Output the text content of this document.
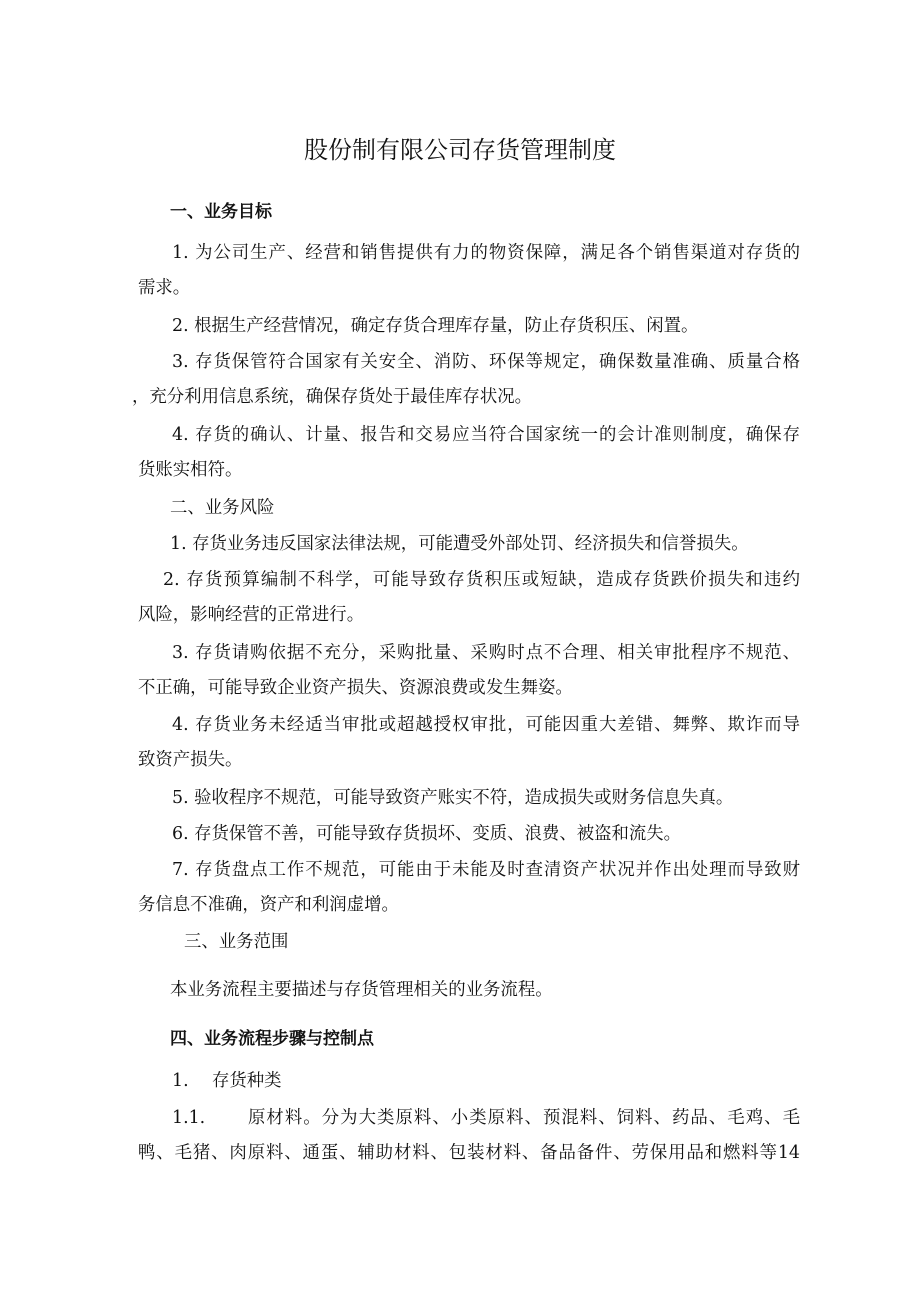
股份制有限公司存货管理制度
一、业务目标
1. 为公司生产、经营和销售提供有力的物资保障，满足各个销售渠道对存货的
需求。
2. 根据生产经营情况，确定存货合理库存量，防止存货积压、闲置。
3. 存货保管符合国家有关安全、消防、环保等规定，确保数量准确、质量合格
，充分利用信息系统，确保存货处于最佳库存状况。
4. 存货的确认、计量、报告和交易应当符合国家统一的会计准则制度，确保存
货账实相符。
二、业务风险
1. 存货业务违反国家法律法规，可能遭受外部处罚、经济损失和信誉损失。
2. 存货预算编制不科学，可能导致存货积压或短缺，造成存货跌价损失和违约
风险，影响经营的正常进行。
3. 存货请购依据不充分，采购批量、采购时点不合理、相关审批程序不规范、
不正确，可能导致企业资产损失、资源浪费或发生舞姿。
4. 存货业务未经适当审批或超越授权审批，可能因重大差错、舞弊、欺诈而导
致资产损失。
5. 验收程序不规范，可能导致资产账实不符，造成损失或财务信息失真。
6. 存货保管不善，可能导致存货损坏、变质、浪费、被盗和流失。
7. 存货盘点工作不规范，可能由于未能及时查清资产状况并作出处理而导致财
务信息不准确，资产和利润虚增。
三、业务范围
本业务流程主要描述与存货管理相关的业务流程。
四、业务流程步骤与控制点
1. 存货种类
1.1. 原材料。分为大类原料、小类原料、预混料、饲料、药品、毛鸡、毛
鸭、毛猪、肉原料、通蛋、辅助材料、包装材料、备品备件、劳保用品和燃料等14
